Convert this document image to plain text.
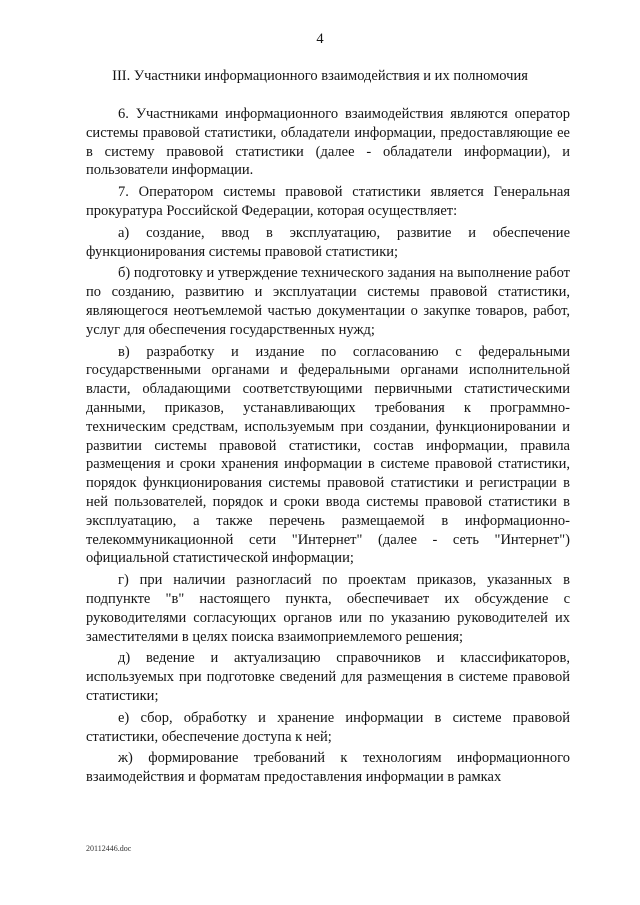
4
III. Участники информационного взаимодействия и их полномочия

6. Участниками информационного взаимодействия являются оператор системы правовой статистики, обладатели информации, предоставляющие ее в систему правовой статистики (далее - обладатели информации), и пользователи информации.

7. Оператором системы правовой статистики является Генеральная прокуратура Российской Федерации, которая осуществляет:

а) создание, ввод в эксплуатацию, развитие и обеспечение функционирования системы правовой статистики;

б) подготовку и утверждение технического задания на выполнение работ по созданию, развитию и эксплуатации системы правовой статистики, являющегося неотъемлемой частью документации о закупке товаров, работ, услуг для обеспечения государственных нужд;

в) разработку и издание по согласованию с федеральными государственными органами и федеральными органами исполнительной власти, обладающими соответствующими первичными статистическими данными, приказов, устанавливающих требования к программно-техническим средствам, используемым при создании, функционировании и развитии системы правовой статистики, состав информации, правила размещения и сроки хранения информации в системе правовой статистики, порядок функционирования системы правовой статистики и регистрации в ней пользователей, порядок и сроки ввода системы правовой статистики в эксплуатацию, а также перечень размещаемой в информационно-телекоммуникационной сети "Интернет" (далее - сеть "Интернет") официальной статистической информации;

г) при наличии разногласий по проектам приказов, указанных в подпункте "в" настоящего пункта, обеспечивает их обсуждение с руководителями согласующих органов или по указанию руководителей их заместителями в целях поиска взаимоприемлемого решения;

д) ведение и актуализацию справочников и классификаторов, используемых при подготовке сведений для размещения в системе правовой статистики;

е) сбор, обработку и хранение информации в системе правовой статистики, обеспечение доступа к ней;

ж) формирование требований к технологиям информационного взаимодействия и форматам предоставления информации в рамках

20112446.doc
